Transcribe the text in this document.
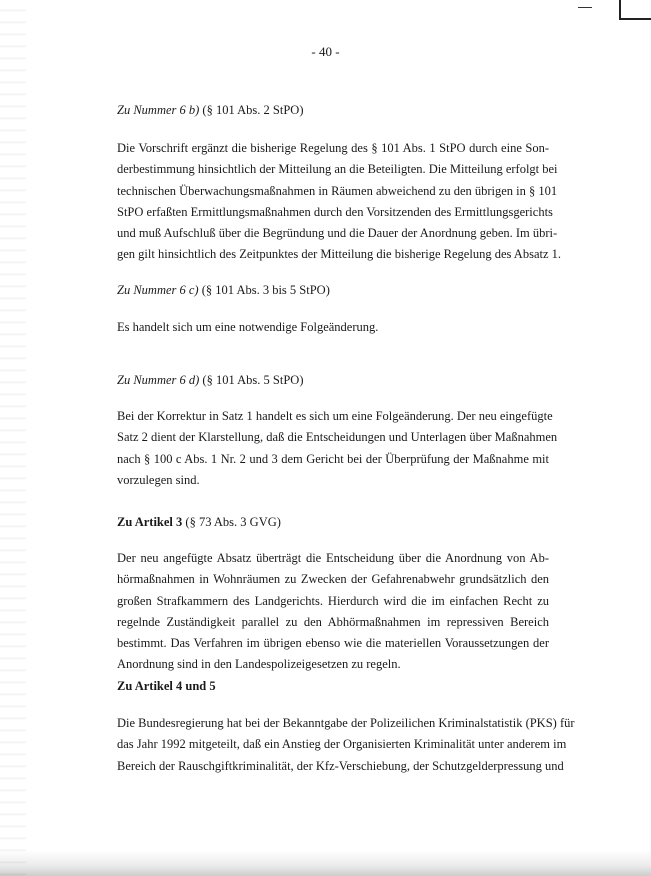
- 40 -
Zu Nummer 6 b) (§ 101 Abs. 2 StPO)
Die Vorschrift ergänzt die bisherige Regelung des § 101 Abs. 1 StPO durch eine Son-
derbestimmung hinsichtlich der Mitteilung an die Beteiligten. Die Mitteilung erfolgt bei
technischen Überwachungsmaßnahmen in Räumen abweichend zu den übrigen in § 101
StPO erfaßten Ermittlungsmaßnahmen durch den Vorsitzenden des Ermittlungsgerichts
und muß Aufschluß über die Begründung und die Dauer der Anordnung geben. Im übri-
gen gilt hinsichtlich des Zeitpunktes der Mitteilung die bisherige Regelung des Absatz 1.
Zu Nummer 6 c) (§ 101 Abs. 3 bis 5 StPO)
Es handelt sich um eine notwendige Folgeänderung.
Zu Nummer 6 d) (§ 101 Abs. 5 StPO)
Bei der Korrektur in Satz 1 handelt es sich um eine Folgeänderung. Der neu eingefügte
Satz 2 dient der Klarstellung, daß die Entscheidungen und Unterlagen über Maßnahmen
nach § 100 c Abs. 1 Nr. 2 und 3 dem Gericht bei der Überprüfung der Maßnahme mit
vorzulegen sind.
Zu Artikel 3 (§ 73 Abs. 3 GVG)
Der neu angefügte Absatz überträgt die Entscheidung über die Anordnung von Ab-
hörmaßnahmen in Wohnräumen zu Zwecken der Gefahrenabwehr grundsätzlich den
großen Strafkammern des Landgerichts. Hierdurch wird die im einfachen Recht zu
regelnde Zuständigkeit parallel zu den Abhörmaßnahmen im repressiven Bereich
bestimmt. Das Verfahren im übrigen ebenso wie die materiellen Voraussetzungen der
Anordnung sind in den Landespolizeigesetzen zu regeln.
Zu Artikel 4 und 5
Die Bundesregierung hat bei der Bekanntgabe der Polizeilichen Kriminalstatistik (PKS) für
das Jahr 1992 mitgeteilt, daß ein Anstieg der Organisierten Kriminalität unter anderem im
Bereich der Rauschgiftkriminalität, der Kfz-Verschiebung, der Schutzgelderpressung und
